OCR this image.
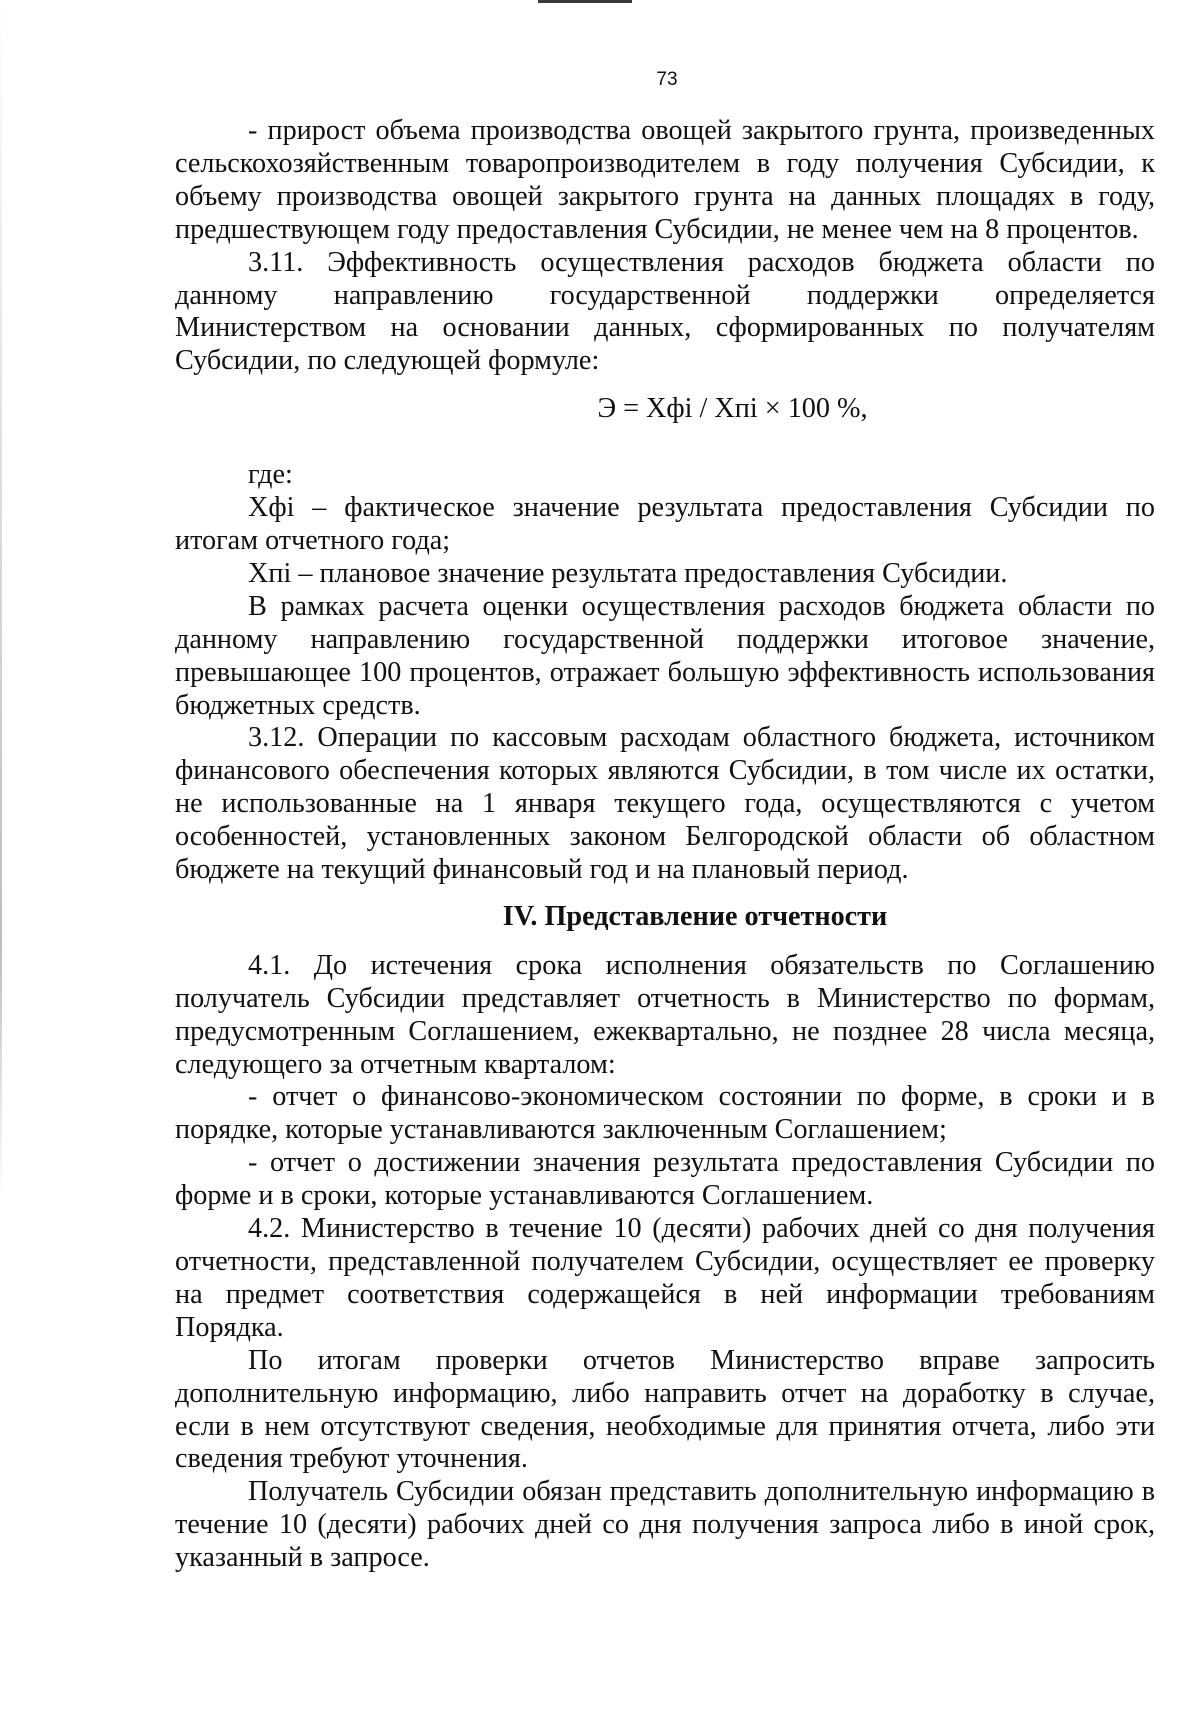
73

- прирост объема производства овощей закрытого грунта, произведенных сельскохозяйственным товаропроизводителем в году получения Субсидии, к объему производства овощей закрытого грунта на данных площадях в году, предшествующем году предоставления Субсидии, не менее чем на 8 процентов.

3.11. Эффективность осуществления расходов бюджета области по данному направлению государственной поддержки определяется Министерством на основании данных, сформированных по получателям Субсидии, по следующей формуле:

Э = Хфi / Хпi × 100 %,

где:

Хфi – фактическое значение результата предоставления Субсидии по итогам отчетного года;

Хпi – плановое значение результата предоставления Субсидии.

В рамках расчета оценки осуществления расходов бюджета области по данному направлению государственной поддержки итоговое значение, превышающее 100 процентов, отражает большую эффективность использования бюджетных средств.

3.12. Операции по кассовым расходам областного бюджета, источником финансового обеспечения которых являются Субсидии, в том числе их остатки, не использованные на 1 января текущего года, осуществляются с учетом особенностей, установленных законом Белгородской области об областном бюджете на текущий финансовый год и на плановый период.

IV. Представление отчетности

4.1. До истечения срока исполнения обязательств по Соглашению получатель Субсидии представляет отчетность в Министерство по формам, предусмотренным Соглашением, ежеквартально, не позднее 28 числа месяца, следующего за отчетным кварталом:

- отчет о финансово-экономическом состоянии по форме, в сроки и в порядке, которые устанавливаются заключенным Соглашением;

- отчет о достижении значения результата предоставления Субсидии по форме и в сроки, которые устанавливаются Соглашением.

4.2. Министерство в течение 10 (десяти) рабочих дней со дня получения отчетности, представленной получателем Субсидии, осуществляет ее проверку на предмет соответствия содержащейся в ней информации требованиям Порядка.

По итогам проверки отчетов Министерство вправе запросить дополнительную информацию, либо направить отчет на доработку в случае, если в нем отсутствуют сведения, необходимые для принятия отчета, либо эти сведения требуют уточнения.

Получатель Субсидии обязан представить дополнительную информацию в течение 10 (десяти) рабочих дней со дня получения запроса либо в иной срок, указанный в запросе.
